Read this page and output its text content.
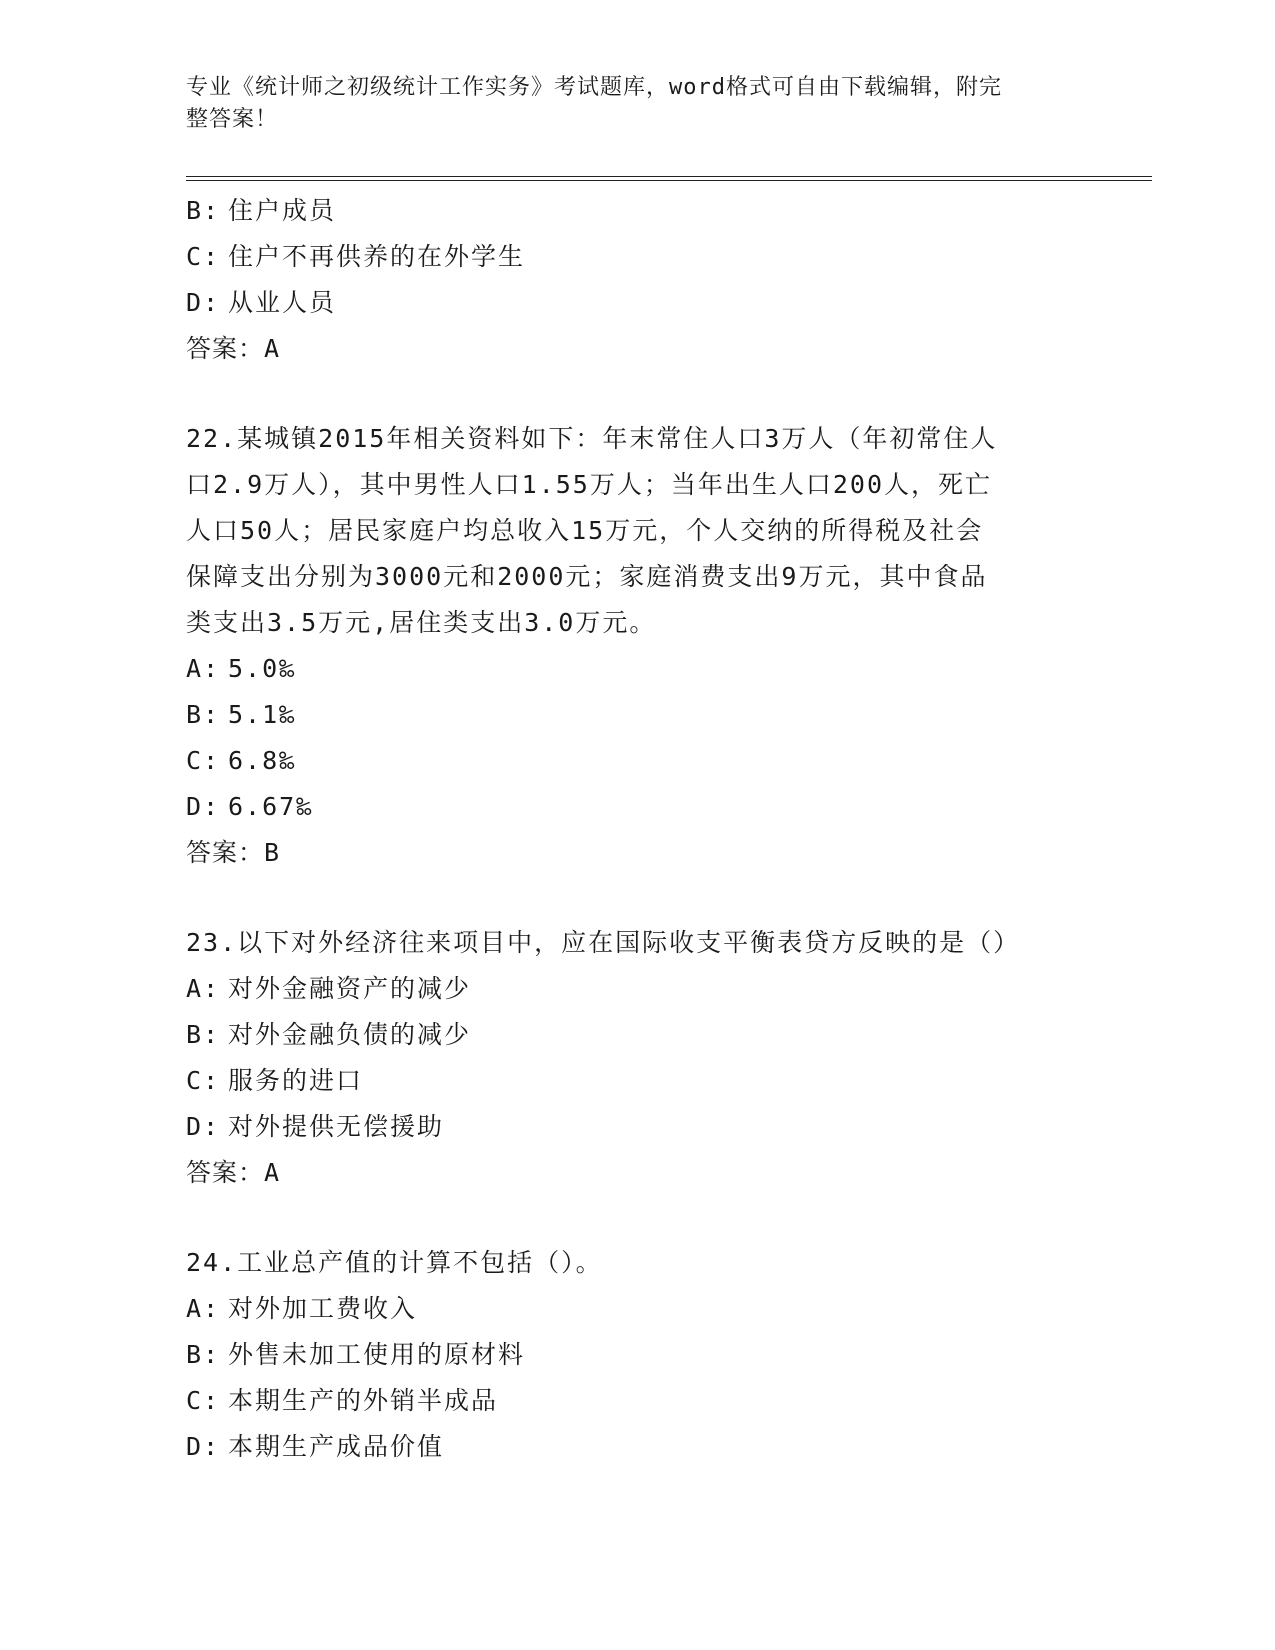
专业《统计师之初级统计工作实务》考试题库，word格式可自由下载编辑，附完
整答案！
B: 住户成员
C: 住户不再供养的在外学生
D: 从业人员
答案：A
22.某城镇2015年相关资料如下：年末常住人口3万人（年初常住人
口2.9万人），其中男性人口1.55万人；当年出生人口200人，死亡
人口50人；居民家庭户均总收入15万元，个人交纳的所得税及社会
保障支出分别为3000元和2000元；家庭消费支出9万元，其中食品
类支出3.5万元,居住类支出3.0万元。
A: 5.0‰
B: 5.1‰
C: 6.8‰
D: 6.67‰
答案：B
23.以下对外经济往来项目中，应在国际收支平衡表贷方反映的是（）
A: 对外金融资产的减少
B: 对外金融负债的减少
C: 服务的进口
D: 对外提供无偿援助
答案：A
24.工业总产值的计算不包括（）。
A: 对外加工费收入
B: 外售未加工使用的原材料
C: 本期生产的外销半成品
D: 本期生产成品价值
